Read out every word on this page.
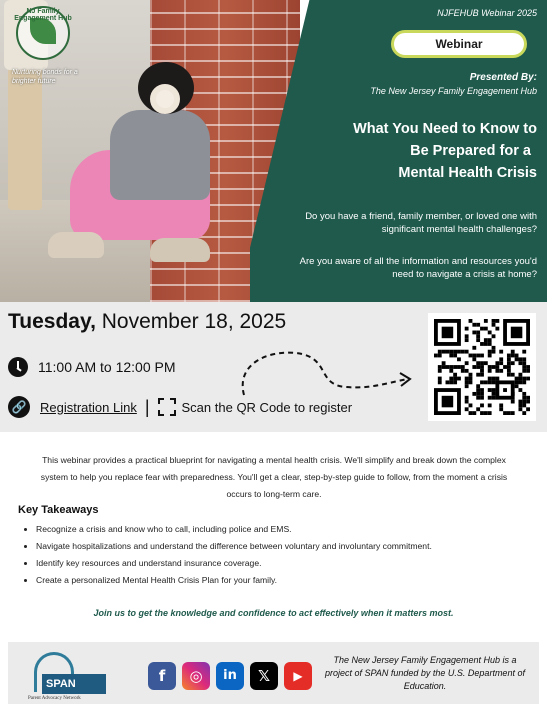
NJ Family Engagement Hub
Nurturing bonds for a brighter future
NJFEHUB Webinar 2025
Webinar
Presented By:
The New Jersey Family Engagement Hub
What You Need to Know to
Be Prepared for a
Mental Health Crisis
Do you have a friend, family member, or loved one with significant mental health challenges?
Are you aware of all the information and resources you'd need to navigate a crisis at home?
Tuesday, November 18, 2025
11:00 AM to 12:00 PM
🔗 Registration Link | Scan the QR Code to register
This webinar provides a practical blueprint for navigating a mental health crisis. We'll simplify and break down the complex system to help you replace fear with preparedness. You'll get a clear, step-by-step guide to follow, from the moment a crisis occurs to long-term care.
Key Takeaways
• Recognize a crisis and know who to call, including police and EMS.
• Navigate hospitalizations and understand the difference between voluntary and involuntary commitment.
• Identify key resources and understand insurance coverage.
• Create a personalized Mental Health Crisis Plan for your family.
Join us to get the knowledge and confidence to act effectively when it matters most.
SPAN
Parent Advocacy Network
f	◎	in	𝕏	▶
The New Jersey Family Engagement Hub is a project of SPAN funded by the U.S. Department of Education.
